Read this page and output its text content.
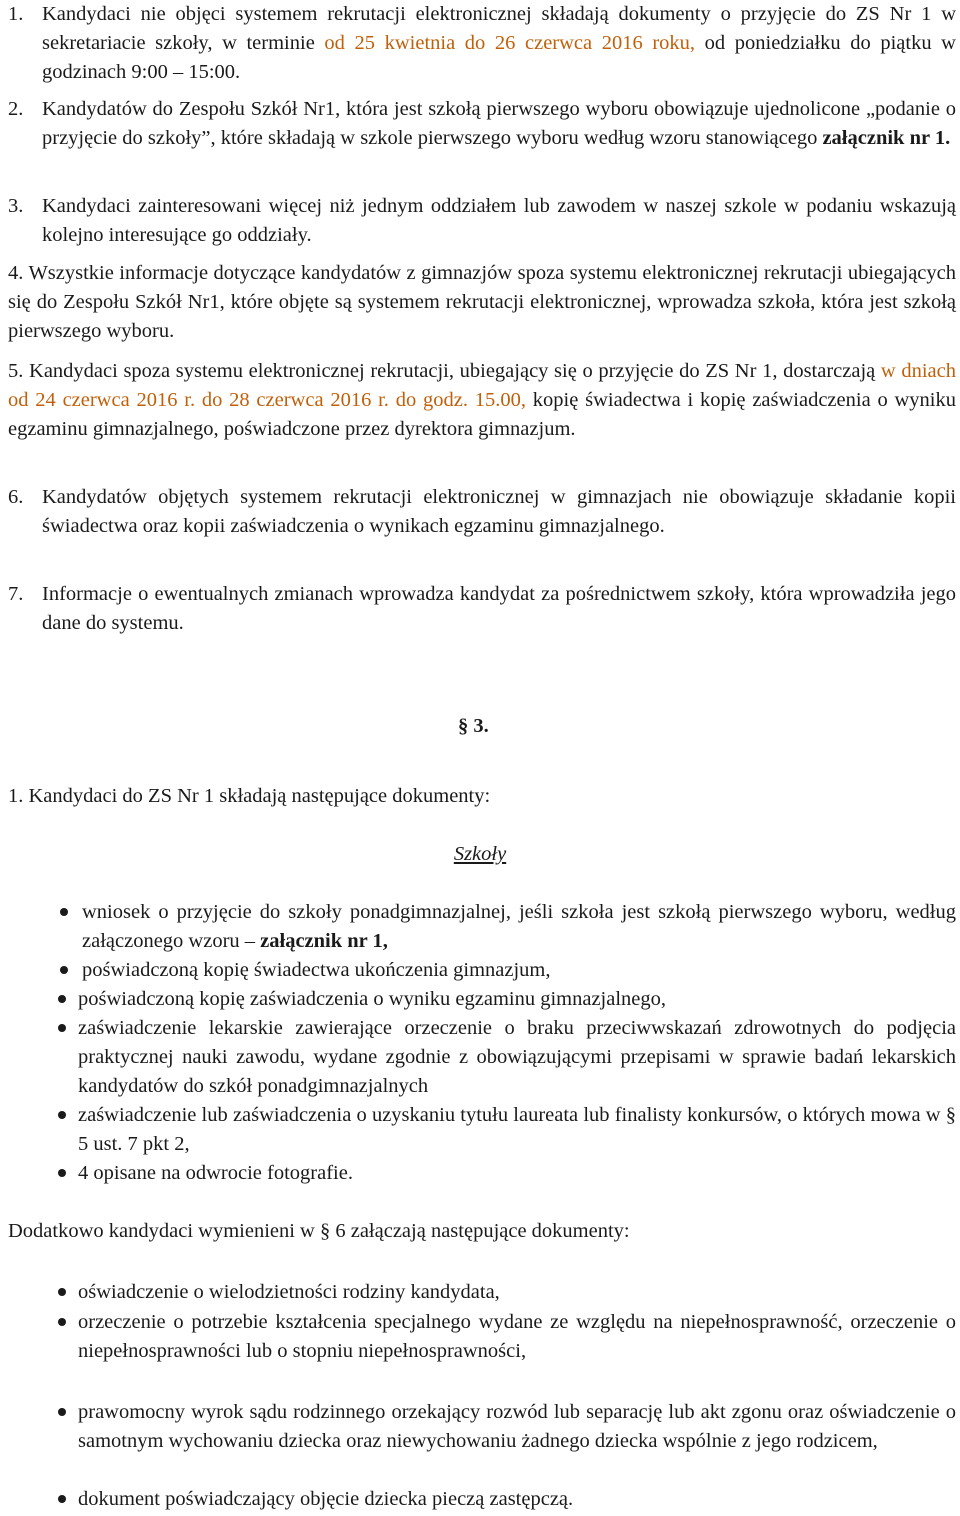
1. Kandydaci nie objęci systemem rekrutacji elektronicznej składają dokumenty o przyjęcie do ZS Nr 1 w sekretariacie szkoły, w terminie od 25 kwietnia do 26 czerwca 2016 roku, od poniedziałku do piątku w godzinach 9:00 – 15:00.
2. Kandydatów do Zespołu Szkół Nr1, która jest szkołą pierwszego wyboru obowiązuje ujednolicone „podanie o przyjęcie do szkoły”, które składają w szkole pierwszego wyboru według wzoru stanowiącego załącznik nr 1.
3. Kandydaci zainteresowani więcej niż jednym oddziałem lub zawodem w naszej szkole w podaniu wskazują kolejno interesujące go oddziały.
4. Wszystkie informacje dotyczące kandydatów z gimnazjów spoza systemu elektronicznej rekrutacji ubiegających się do Zespołu Szkół Nr1, które objęte są systemem rekrutacji elektronicznej, wprowadza szkoła, która jest szkołą pierwszego wyboru.
5. Kandydaci spoza systemu elektronicznej rekrutacji, ubiegający się o przyjęcie do ZS Nr 1, dostarczają w dniach od 24 czerwca 2016 r. do 28 czerwca 2016 r. do godz. 15.00, kopię świadectwa i kopię zaświadczenia o wyniku egzaminu gimnazjalnego, poświadczone przez dyrektora gimnazjum.
6. Kandydatów objętych systemem rekrutacji elektronicznej w gimnazjach nie obowiązuje składanie kopii świadectwa oraz kopii zaświadczenia o wynikach egzaminu gimnazjalnego.
7. Informacje o ewentualnych zmianach wprowadza kandydat za pośrednictwem szkoły, która wprowadziła jego dane do systemu.
§ 3.
1. Kandydaci do ZS Nr 1 składają następujące dokumenty:
Szkoły
wniosek o przyjęcie do szkoły ponadgimnazjalnej, jeśli szkoła jest szkołą pierwszego wyboru, według załączonego wzoru – załącznik nr 1,
poświadczoną kopię świadectwa ukończenia gimnazjum,
poświadczoną kopię zaświadczenia o wyniku egzaminu gimnazjalnego,
zaświadczenie lekarskie zawierające orzeczenie o braku przeciwwskazań zdrowotnych do podjęcia praktycznej nauki zawodu, wydane zgodnie z obowiązującymi przepisami w sprawie badań lekarskich kandydatów do szkół ponadgimnazjalnych
zaświadczenie lub zaświadczenia o uzyskaniu tytułu laureata lub finalisty konkursów, o których mowa w § 5 ust. 7 pkt 2,
4 opisane na odwrocie fotografie.
Dodatkowo kandydaci wymienieni w § 6 załączają następujące dokumenty:
oświadczenie o wielodzietności rodziny kandydata,
orzeczenie o potrzebie kształcenia specjalnego wydane ze względu na niepełnosprawność, orzeczenie o niepełnosprawności lub o stopniu niepełnosprawności,
prawomocny wyrok sądu rodzinnego orzekający rozwód lub separację lub akt zgonu oraz oświadczenie o samotnym wychowaniu dziecka oraz niewychowaniu żadnego dziecka wspólnie z jego rodzicem,
dokument poświadczający objęcie dziecka pieczą zastępczą.
